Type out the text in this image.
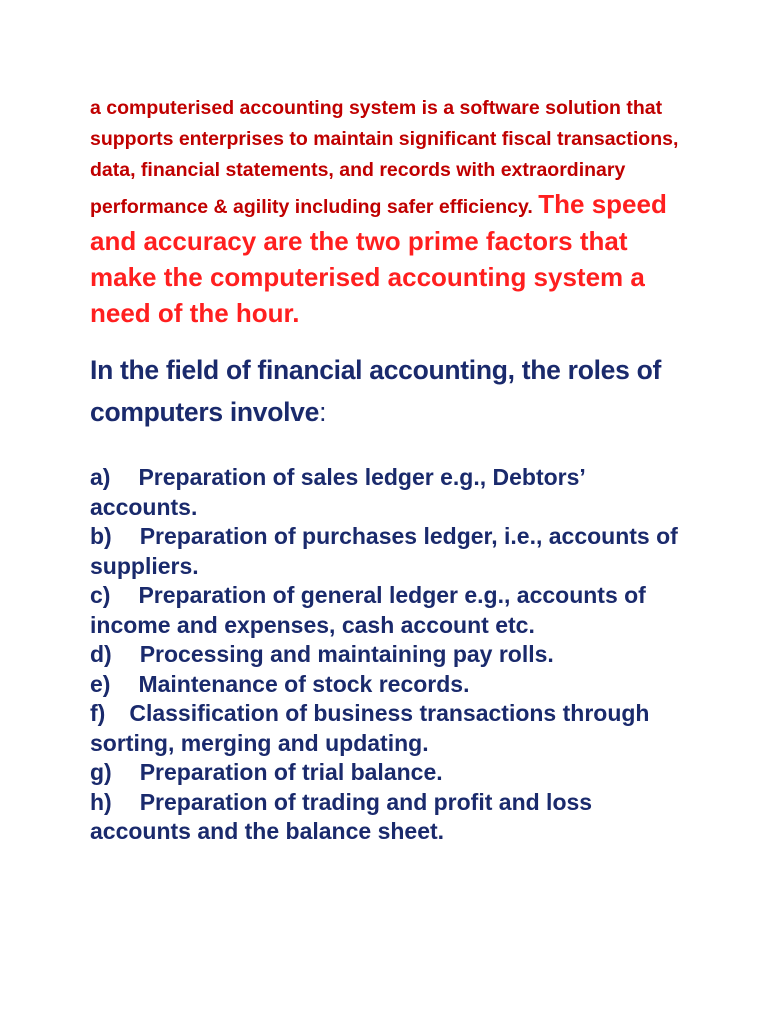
a computerised accounting system is a software solution that supports enterprises to maintain significant fiscal transactions, data, financial statements, and records with extraordinary performance & agility including safer efficiency. The speed and accuracy are the two prime factors that make the computerised accounting system a need of the hour.
In the field of financial accounting, the roles of computers involve:
a) Preparation of sales ledger e.g., Debtors’ accounts.
b) Preparation of purchases ledger, i.e., accounts of suppliers.
c) Preparation of general ledger e.g., accounts of income and expenses, cash account etc.
d) Processing and maintaining pay rolls.
e) Maintenance of stock records.
f) Classification of business transactions through sorting, merging and updating.
g) Preparation of trial balance.
h) Preparation of trading and profit and loss accounts and the balance sheet.
